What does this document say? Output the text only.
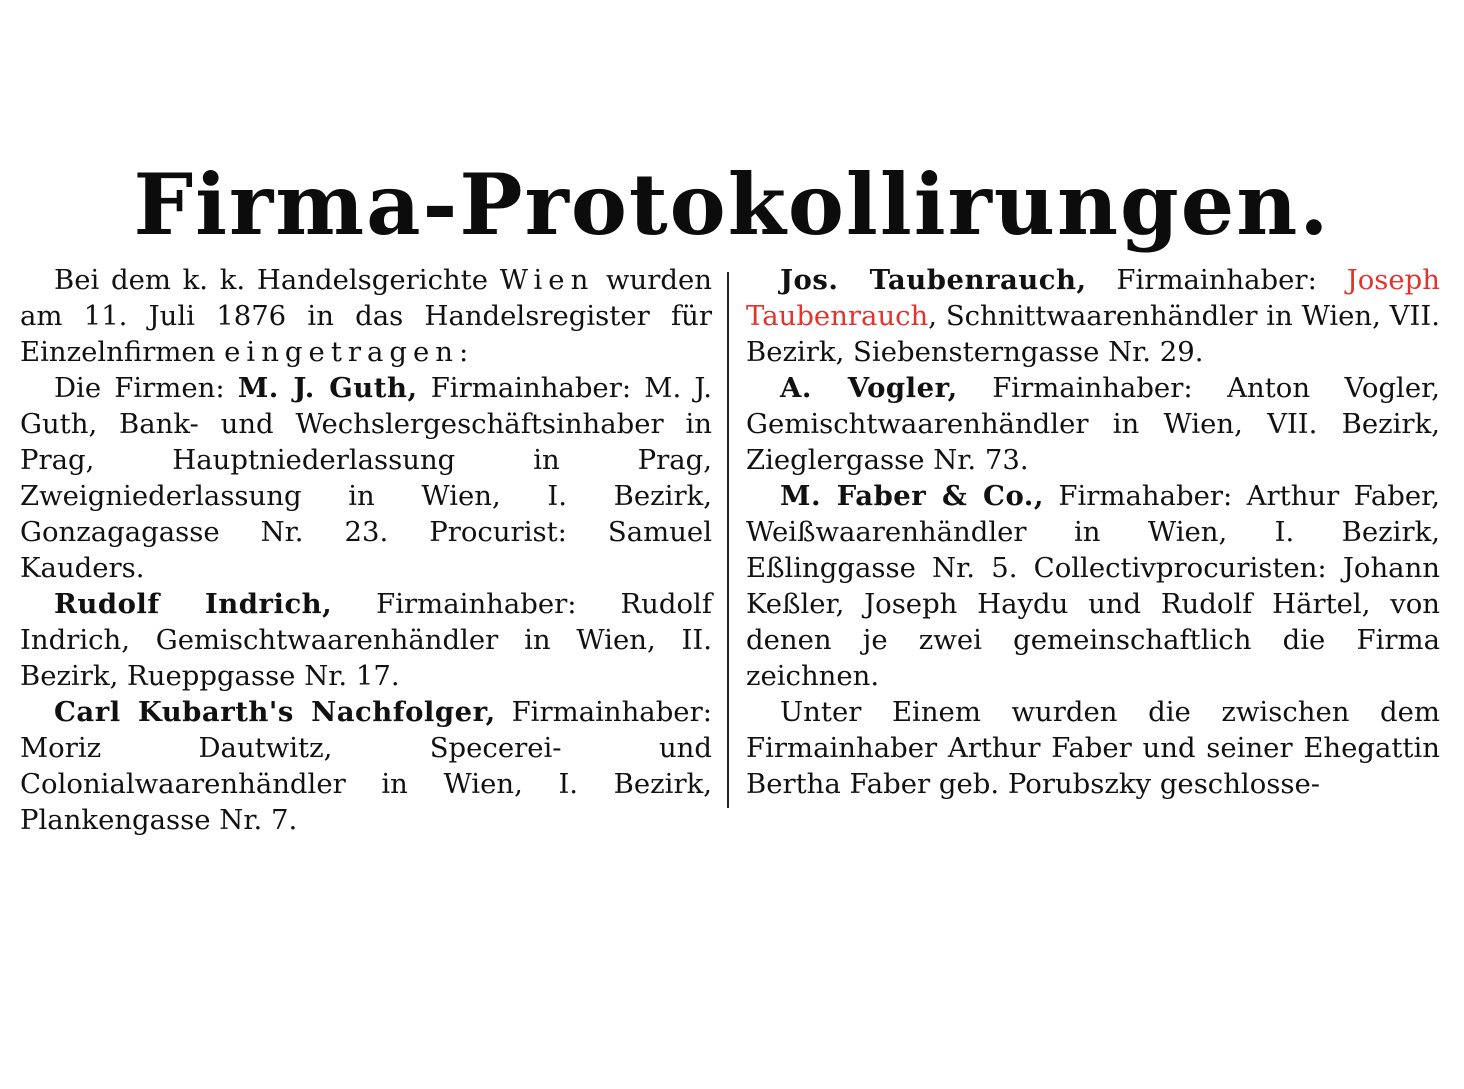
Firma-Protokollirungen.

Bei dem k. k. Handelsgerichte Wien wurden am 11. Juli 1876 in das Handelsregister für Einzelnfirmen eingetragen:

Die Firmen: M. J. Guth, Firmainhaber: M. J. Guth, Bank- und Wechslergeschäftsinhaber in Prag, Hauptniederlassung in Prag, Zweigniederlassung in Wien, I. Bezirk, Gonzagagasse Nr. 23. Procurist: Samuel Kauders.

Rudolf Indrich, Firmainhaber: Rudolf Indrich, Gemischtwaarenhändler in Wien, II. Bezirk, Rueppgasse Nr. 17.

Carl Kubarth's Nachfolger, Firmainhaber: Moriz Dautwitz, Specerei- und Colonialwaarenhändler in Wien, I. Bezirk, Plankengasse Nr. 7.

Jos. Taubenrauch, Firmainhaber: Joseph Taubenrauch, Schnittwaarenhändler in Wien, VII. Bezirk, Siebensterngasse Nr. 29.

A. Vogler, Firmainhaber: Anton Vogler, Gemischtwaarenhändler in Wien, VII. Bezirk, Zieglergasse Nr. 73.

M. Faber & Co., Firmahaber: Arthur Faber, Weißwaarenhändler in Wien, I. Bezirk, Eßlinggasse Nr. 5. Collectivprocuristen: Johann Keßler, Joseph Haydu und Rudolf Härtel, von denen je zwei gemeinschaftlich die Firma zeichnen.

Unter Einem wurden die zwischen dem Firmainhaber Arthur Faber und seiner Ehegattin Bertha Faber geb. Porubszky geschlosse-
